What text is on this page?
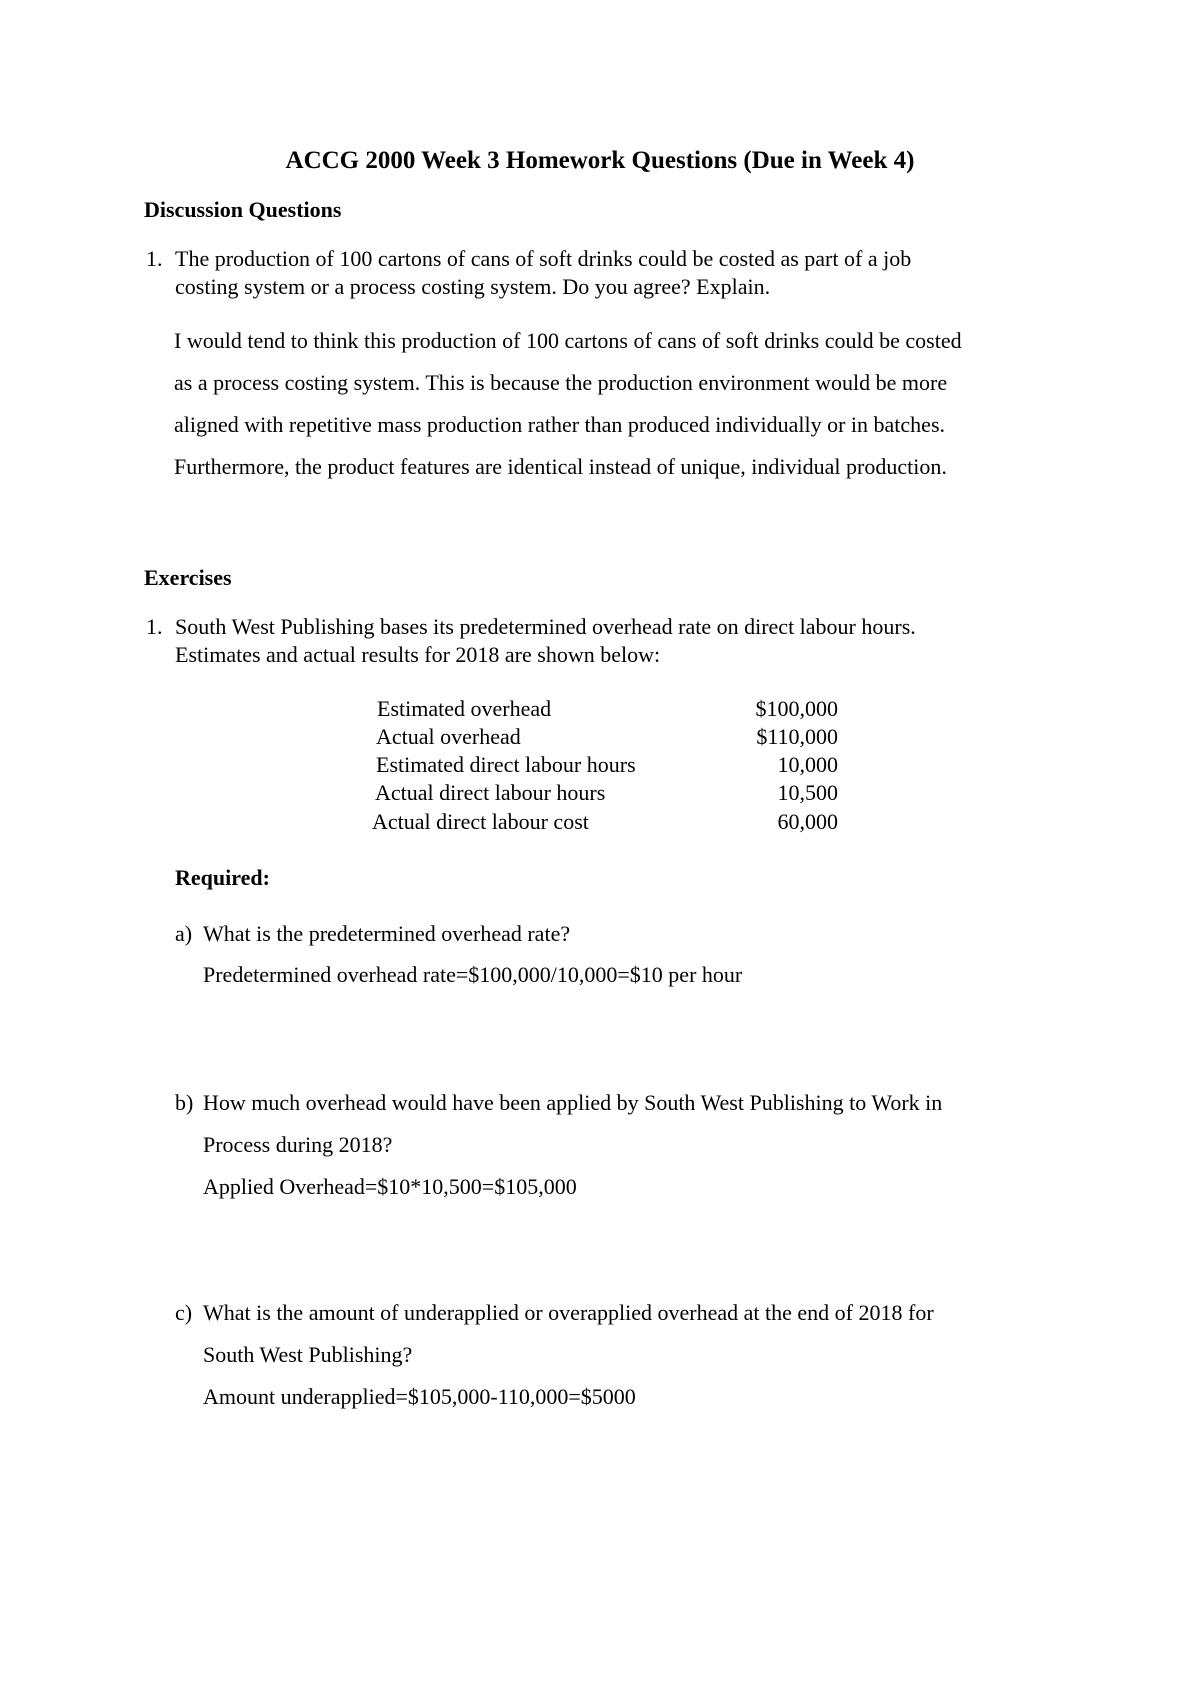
ACCG 2000 Week 3 Homework Questions (Due in Week 4)
Discussion Questions
1. The production of 100 cartons of cans of soft drinks could be costed as part of a job
costing system or a process costing system. Do you agree? Explain.
I would tend to think this production of 100 cartons of cans of soft drinks could be costed
as a process costing system. This is because the production environment would be more
aligned with repetitive mass production rather than produced individually or in batches.
Furthermore, the product features are identical instead of unique, individual production.
Exercises
1. South West Publishing bases its predetermined overhead rate on direct labour hours.
Estimates and actual results for 2018 are shown below:
Estimated overhead	$100,000
Actual overhead	$110,000
Estimated direct labour hours	10,000
Actual direct labour hours	10,500
Actual direct labour cost	60,000
Required:
a) What is the predetermined overhead rate?
Predetermined overhead rate=$100,000/10,000=$10 per hour
b) How much overhead would have been applied by South West Publishing to Work in
Process during 2018?
Applied Overhead=$10*10,500=$105,000
c) What is the amount of underapplied or overapplied overhead at the end of 2018 for
South West Publishing?
Amount underapplied=$105,000-110,000=$5000
